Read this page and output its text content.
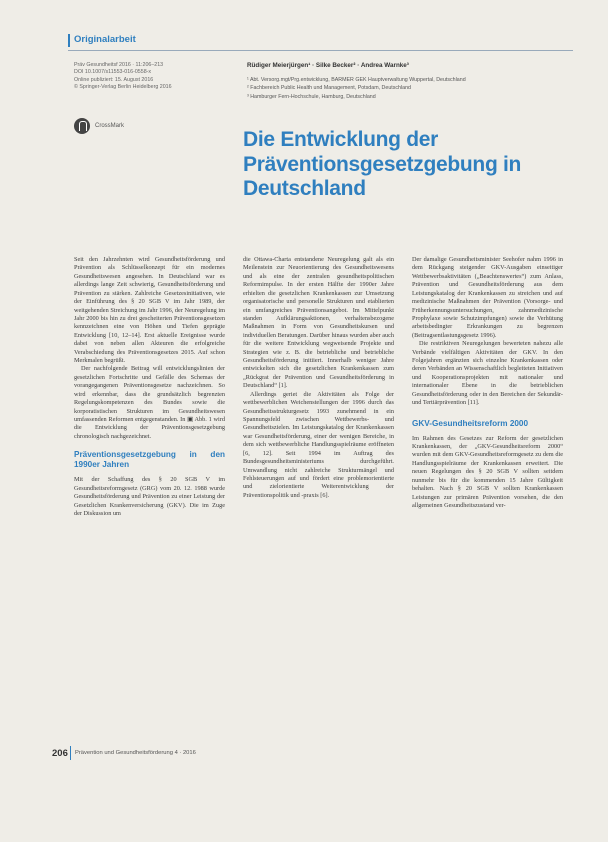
Originalarbeit
Präv Gesundheitsf 2016 · 11:206–213
DOI 10.1007/s11553-016-0558-x
Online publiziert: 15. August 2016
© Springer-Verlag Berlin Heidelberg 2016
CrossMark
Rüdiger Meierjürgen¹ · Silke Becker² · Andrea Warnke³
¹ Abt. Versorg.mgt/Prg.entwicklung, BARMER GEK Hauptverwaltung Wuppertal, Deutschland
² Fachbereich Public Health und Management, Potsdam, Deutschland
³ Hamburger Fern-Hochschule, Hamburg, Deutschland
Die Entwicklung der Präventionsgesetzgebung in Deutschland

Seit den Jahrzehnten wird Gesundheitsförderung und Prävention als Schlüsselkonzept für ein modernes Gesundheitswesen angesehen. In Deutschland war es allerdings lange Zeit schwierig, Gesundheitsförderung und Prävention zu stärken. Zahlreiche Gesetzesinitiativen, wie der Einführung des § 20 SGB V im Jahr 1989, der weitgehenden Streichung im Jahr 1996, der Neuregelung im Jahr 2000 bis hin zu drei gescheiterten Präventionsgesetzen kennzeichnen eine von Höhen und Tiefen geprägte Entwicklung [10, 12–14]. Erst aktuelle Ereignisse wurde dabei von neben allen Akteuren die erfolgreiche Verabschiedung des Präventionsgesetzes 2015. Auf schon Merkmalen begrüßt.

Der nachfolgende Beitrag will entwicklungslinien der gesetzlichen Fortschritte und Gefälle des Schemas der vorangegangenen Präventionsgesetze nachzeichnen. So wird erkennbar, dass die grundsätzlich begrenzten Regelungskompetenzen des Bundes sowie die korporatistischen Strukturen im Gesundheitswesen umfassenden Reformen entgegenstanden. In ▣ Abb. 1 wird die Entwicklung der Präventionsgesetzgebung chronologisch nachgezeichnet.

Präventionsgesetzgebung in den 1990er Jahren

Mit der Schaffung des § 20 SGB V im Gesundheitsreformgesetz (GRG) vom 20. 12. 1988 wurde Gesundheitsförderung und Prävention zu einer Leistung der Gesetzlichen Krankenversicherung (GKV). Die im Zuge der Diskussion um

die Ottawa-Charta entstandene Neuregelung galt als ein Meilenstein zur Neuorientierung des Gesundheitswesens und als eine der zentralen gesundheitspolitischen Reformimpulse. In der ersten Hälfte der 1990er Jahre erhielten die gesetzlichen Krankenkassen zur Umsetzung organisatorische und personelle Strukturen und etablierten ein umfangreiches Präventionsangebot. Im Mittelpunkt standen Aufklärungsaktionen, verhaltensbezogene Maßnahmen in Form von Gesundheitskursen und individuellen Beratungen. Darüber hinaus wurden aber auch für die weitere Entwicklung wegweisende Projekte und Strategien wie z. B. die betriebliche und betriebliche Gesundheitsförderung initiiert. Innerhalb weniger Jahre entwickelten sich die gesetzlichen Krankenkassen zum „Rückgrat der Prävention und Gesundheitsförderung in Deutschland“ [1].

Allerdings geriet die Aktivitäten als Folge der wettbewerblichen Weichenstellungen der 1996 durch das Gesundheitsstrukturgesetz 1993 zunehmend in ein Spannungsfeld zwischen Wettbewerbs- und Gesundheitszielen. Im Leistungskatalog der Krankenkassen war Gesundheitsförderung, einer der wenigen Bereiche, in dem sich wettbewerbliche Handlungsspielräume eröffneten [6, 12]. Seit 1994 im Auftrag des Bundesgesundheitsministeriums durchgeführt. Umwandlung nicht zahlreiche Strukturmängel und Fehlsteuerungen auf und fördert eine problemorientierte und zielorientierte Weiterentwicklung der Präventionspolitik und -praxis [6].

Der damalige Gesundheitsminister Seehofer nahm 1996 in dem Rückgang steigender GKV-Ausgaben einseitiger Wettbewerbsaktivitäten („Beachtenswertes“) zum Anlass, Prävention und Gesundheitsförderung aus dem Leistungskatalog der Krankenkassen zu streichen und auf medizinische Maßnahmen der Prävention (Vorsorge- und Früherkennungsuntersuchungen, zahnmedizinische Prophylaxe sowie Schutzimpfungen) sowie die Verhütung arbeitsbedingter Erkrankungen zu begrenzen (Beitragsentlastungsgesetz 1996).

Die restriktiven Neuregelungen bewerteten nahezu alle Verbände vielfältigen Aktivitäten der GKV. In den Folgejahren ergänzten sich einzelne Krankenkassen oder deren Verbänden an Wissenschaftlich begleiteten Initiativen und Kooperationsprojekten mit nationaler und internationaler Ebene in die betrieblichen Gesundheitsförderung oder in den Bereichen der Sekundär- und Tertiärprävention [11].

GKV-Gesundheitsreform 2000

Im Rahmen des Gesetzes zur Reform der gesetzlichen Krankenkassen, der „GKV-Gesundheitsreform 2000“ wurden mit dem GKV-Gesundheitsreformgesetz zu dem die Handlungsspielräume der Krankenkassen erweitert. Die neuen Regelungen des § 20 SGB V sollten seitdem nunmehr bis für die kommenden 15 Jahre Gültigkeit behalten. Nach § 20 SGB V sollten Krankenkassen Leistungen zur primären Prävention vorsehen, die den allgemeinen Gesundheitszustand ver-

206 Prävention und Gesundheitsförderung 4 · 2016
